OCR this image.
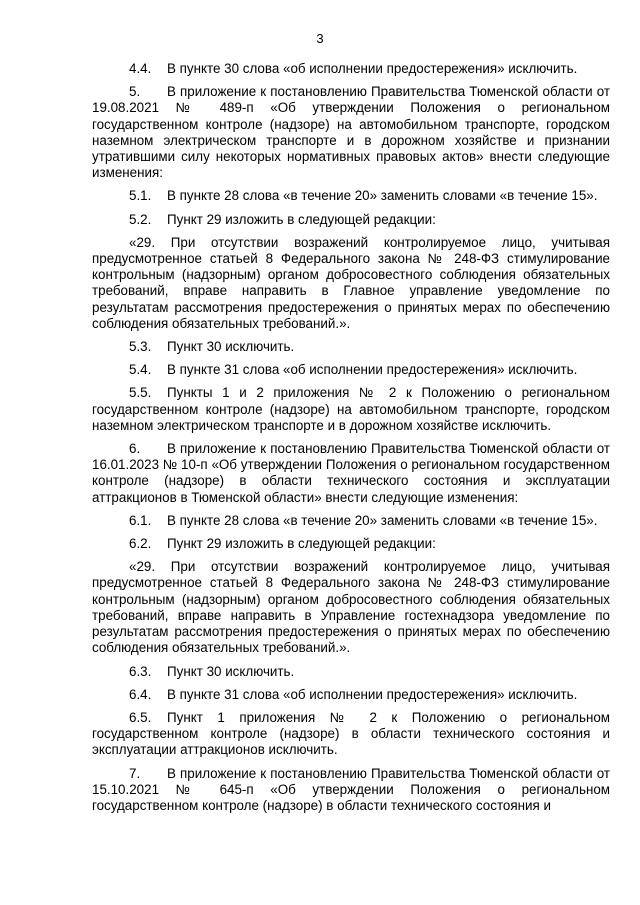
3

4.4. В пункте 30 слова «об исполнении предостережения» исключить.

5. В приложение к постановлению Правительства Тюменской области от 19.08.2021 № 489-п «Об утверждении Положения о региональном государственном контроле (надзоре) на автомобильном транспорте, городском наземном электрическом транспорте и в дорожном хозяйстве и признании утратившими силу некоторых нормативных правовых актов» внести следующие изменения:

5.1. В пункте 28 слова «в течение 20» заменить словами «в течение 15».

5.2. Пункт 29 изложить в следующей редакции:

«29. При отсутствии возражений контролируемое лицо, учитывая предусмотренное статьей 8 Федерального закона № 248-ФЗ стимулирование контрольным (надзорным) органом добросовестного соблюдения обязательных требований, вправе направить в Главное управление уведомление по результатам рассмотрения предостережения о принятых мерах по обеспечению соблюдения обязательных требований.».

5.3. Пункт 30 исключить.

5.4. В пункте 31 слова «об исполнении предостережения» исключить.

5.5. Пункты 1 и 2 приложения № 2 к Положению о региональном государственном контроле (надзоре) на автомобильном транспорте, городском наземном электрическом транспорте и в дорожном хозяйстве исключить.

6. В приложение к постановлению Правительства Тюменской области от 16.01.2023 № 10-п «Об утверждении Положения о региональном государственном контроле (надзоре) в области технического состояния и эксплуатации аттракционов в Тюменской области» внести следующие изменения:

6.1. В пункте 28 слова «в течение 20» заменить словами «в течение 15».

6.2. Пункт 29 изложить в следующей редакции:

«29. При отсутствии возражений контролируемое лицо, учитывая предусмотренное статьей 8 Федерального закона № 248-ФЗ стимулирование контрольным (надзорным) органом добросовестного соблюдения обязательных требований, вправе направить в Управление гостехнадзора уведомление по результатам рассмотрения предостережения о принятых мерах по обеспечению соблюдения обязательных требований.».

6.3. Пункт 30 исключить.

6.4. В пункте 31 слова «об исполнении предостережения» исключить.

6.5. Пункт 1 приложения № 2 к Положению о региональном государственном контроле (надзоре) в области технического состояния и эксплуатации аттракционов исключить.

7. В приложение к постановлению Правительства Тюменской области от 15.10.2021 № 645-п «Об утверждении Положения о региональном государственном контроле (надзоре) в области технического состояния и
